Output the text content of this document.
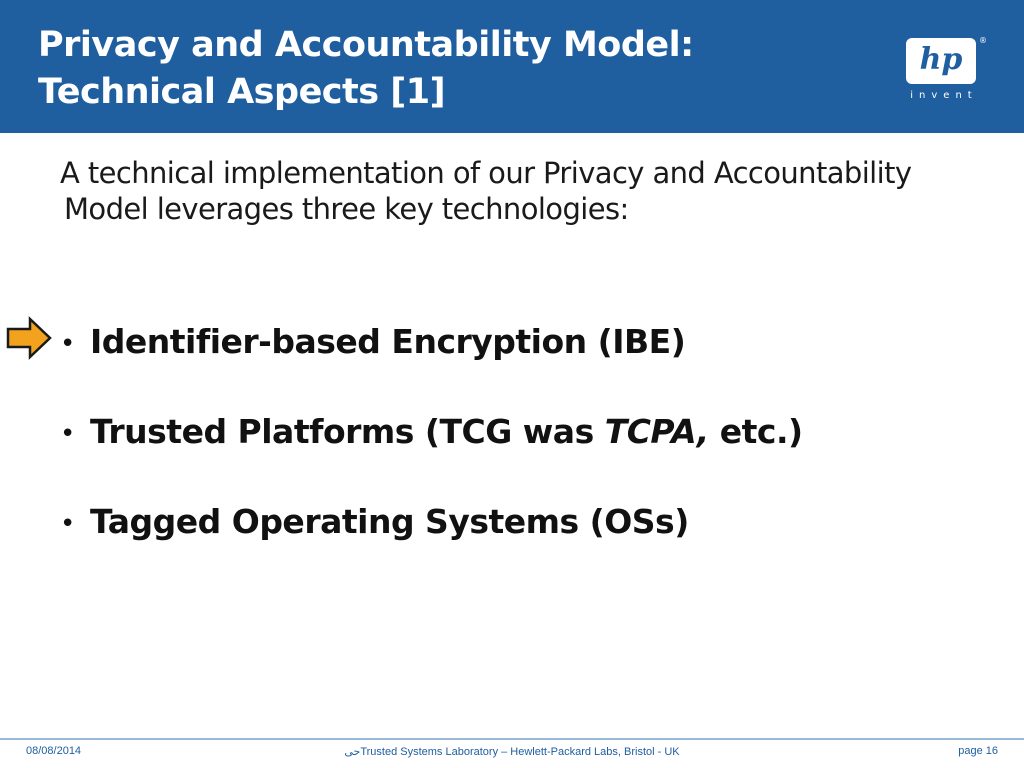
Privacy and Accountability Model:
Technical Aspects [1]
hp
®
invent
A technical implementation of our Privacy and Accountability
Model leverages three key technologies:
• Identifier-based Encryption (IBE)
• Trusted Platforms (TCG was TCPA, etc.)
• Tagged Operating Systems (OSs)
08/08/2014	حیTrusted Systems Laboratory – Hewlett-Packard Labs, Bristol - UK	page 16
